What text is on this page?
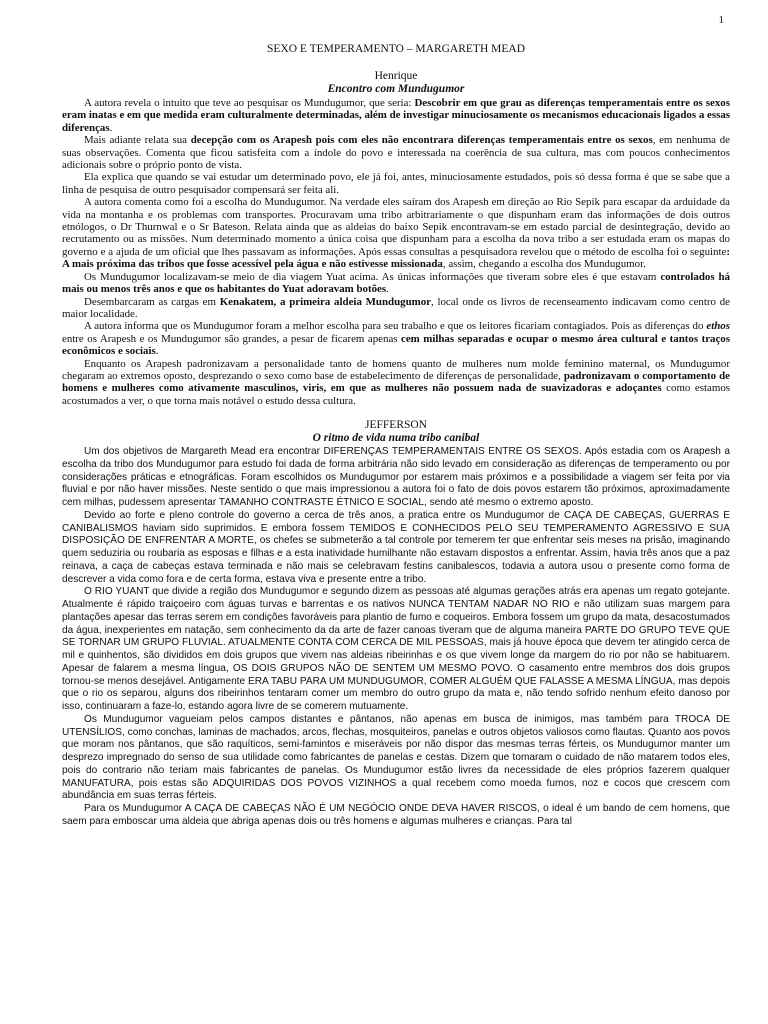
1
SEXO E TEMPERAMENTO – MARGARETH MEAD
Henrique
Encontro com Mundugumor

A autora revela o intuito que teve ao pesquisar os Mundugumor, que seria: Descobrir em que grau as diferenças temperamentais entre os sexos eram inatas e em que medida eram culturalmente determinadas, além de investigar minuciosamente os mecanismos educacionais ligados a essas diferenças.

Mais adiante relata sua decepção com os Arapesh pois com eles não encontrara diferenças temperamentais entre os sexos, em nenhuma de suas observações. Comenta que ficou satisfeita com a índole do povo e interessada na coerência de sua cultura, mas com poucos conhecimentos adicionais sobre o próprio ponto de vista.

Ela explica que quando se vai estudar um determinado povo, ele já foi, antes, minuciosamente estudados, pois só dessa forma é que se sabe que a linha de pesquisa de outro pesquisador compensará ser feita ali.

A autora comenta como foi a escolha do Mundugumor. Na verdade eles saíram dos Arapesh em direção ao Rio Sepik para escapar da arduidade da vida na montanha e os problemas com transportes. Procuravam uma tribo arbitrariamente o que dispunham eram das informações de dois outros etnólogos, o Dr Thurnwal e o Sr Bateson. Relata ainda que as aldeias do baixo Sepik encontravam-se em estado parcial de desintegração, devido ao recrutamento ou as missões. Num determinado momento a única coisa que dispunham para a escolha da nova tribo a ser estudada eram os mapas do governo e a ajuda de um oficial que lhes passavam as informações. Após essas consultas a pesquisadora revelou que o método de escolha foi o seguinte: A mais próxima das tribos que fosse acessível pela água e não estivesse missionada, assim, chegando a escolha dos Mundugumor.

Os Mundugumor localizavam-se meio de dia viagem Yuat acima. As únicas informações que tiveram sobre eles é que estavam controlados há mais ou menos três anos e que os habitantes do Yuat adoravam botões.

Desembarcaram as cargas em Kenakatem, a primeira aldeia Mundugumor, local onde os livros de recenseamento indicavam como centro de maior localidade.

A autora informa que os Mundugumor foram a melhor escolha para seu trabalho e que os leitores ficariam contagiados. Pois as diferenças do ethos entre os Arapesh e os Mundugumor são grandes, a pesar de ficarem apenas cem milhas separadas e ocupar o mesmo área cultural e tantos traços econômicos e sociais.

Enquanto os Arapesh padronizavam a personalidade tanto de homens quanto de mulheres num molde feminino maternal, os Mundugumor chegaram ao extremos oposto, desprezando o sexo como base de estabelecimento de diferenças de personalidade, padronizavam o comportamento de homens e mulheres como ativamente masculinos, viris, em que as mulheres não possuem nada de suavizadoras e adoçantes como estamos acostumados a ver, o que torna mais notável o estudo dessa cultura.

JEFFERSON
O ritmo de vida numa tribo canibal

Um dos objetivos de Margareth Mead era encontrar DIFERENÇAS TEMPERAMENTAIS ENTRE OS SEXOS. Após estadia com os Arapesh a escolha da tribo dos Mundugumor para estudo foi dada de forma arbitrária não sido levado em consideração as diferenças de temperamento ou por considerações práticas e etnográficas. Foram escolhidos os Mundugumor por estarem mais próximos e a possibilidade a viagem ser feita por via fluvial e por não haver missões. Neste sentido o que mais impressionou a autora foi o fato de dois povos estarem tão próximos, aproximadamente cem milhas, pudessem apresentar TAMANHO CONTRASTE ÉTNICO E SOCIAL, sendo até mesmo o extremo aposto.

Devido ao forte e pleno controle do governo a cerca de três anos, a pratica entre os Mundugumor de CAÇA DE CABEÇAS, GUERRAS E CANIBALISMOS haviam sido suprimidos. E embora fossem TEMIDOS E CONHECIDOS PELO SEU TEMPERAMENTO AGRESSIVO E SUA DISPOSIÇÃO DE ENFRENTAR A MORTE, os chefes se submeterão a tal controle por temerem ter que enfrentar seis meses na prisão, imaginando quem seduziria ou roubaria as esposas e filhas e a esta inatividade humilhante não estavam dispostos a enfrentar. Assim, havia três anos que a paz reinava, a caça de cabeças estava terminada e não mais se celebravam festins canibalescos, todavia a autora usou o presente como forma de descrever a vida como fora e de certa forma, estava viva e presente entre a tribo.

O RIO YUANT que divide a região dos Mundugumor e segundo dizem as pessoas até algumas gerações atrás era apenas um regato gotejante. Atualmente é rápido traiçoeiro com águas turvas e barrentas e os nativos NUNCA TENTAM NADAR NO RIO e não utilizam suas margem para plantações apesar das terras serem em condições favoráveis para plantio de fumo e coqueiros. Embora fossem um grupo da mata, desacostumados da água, inexperientes em natação, sem conhecimento da da arte de fazer canoas tiveram que de alguma maneira PARTE DO GRUPO TEVE QUE SE TORNAR UM GRUPO FLUVIAL. ATUALMENTE CONTA COM CERCA DE MIL PESSOAS, mais já houve época que devem ter atingido cerca de mil e quinhentos, são divididos em dois grupos que vivem nas aldeias ribeirinhas e os que vivem longe da margem do rio por não se habituarem. Apesar de falarem a mesma língua, OS DOIS GRUPOS NÃO DE SENTEM UM MESMO POVO. O casamento entre membros dos dois grupos tornou-se menos desejável. Antigamente ERA TABU PARA UM MUNDUGUMOR, COMER ALGUÉM QUE FALASSE A MESMA LÍNGUA, mas depois que o rio os separou, alguns dos ribeirinhos tentaram comer um membro do outro grupo da mata e, não tendo sofrido nenhum efeito danoso por isso, continuaram a faze-lo, estando agora livre de se comerem mutuamente.

Os Mundugumor vagueiam pelos campos distantes e pântanos, não apenas em busca de inimigos, mas também para TROCA DE UTENSÍLIOS, como conchas, laminas de machados, arcos, flechas, mosquiteiros, panelas e outros objetos valiosos como flautas. Quanto aos povos que moram nos pântanos, que são raquíticos, semi-famintos e miseráveis por não dispor das mesmas terras férteis, os Mundugumor manter um desprezo impregnado do senso de sua utilidade como fabricantes de panelas e cestas. Dizem que tomaram o cuidado de não matarem todos eles, pois do contrario não teriam mais fabricantes de panelas. Os Mundugumor estão livres da necessidade de eles próprios fazerem qualquer MANUFATURA, pois estas são ADQUIRIDAS DOS POVOS VIZINHOS a qual recebem como moeda fumos, noz e cocos que crescem com abundância em suas terras férteis.

Para os Mundugumor A CAÇA DE CABEÇAS NÃO É UM NEGÓCIO ONDE DEVA HAVER RISCOS, o ideal é um bando de cem homens, que saem para emboscar uma aldeia que abriga apenas dois ou três homens e algumas mulheres e crianças. Para tal
